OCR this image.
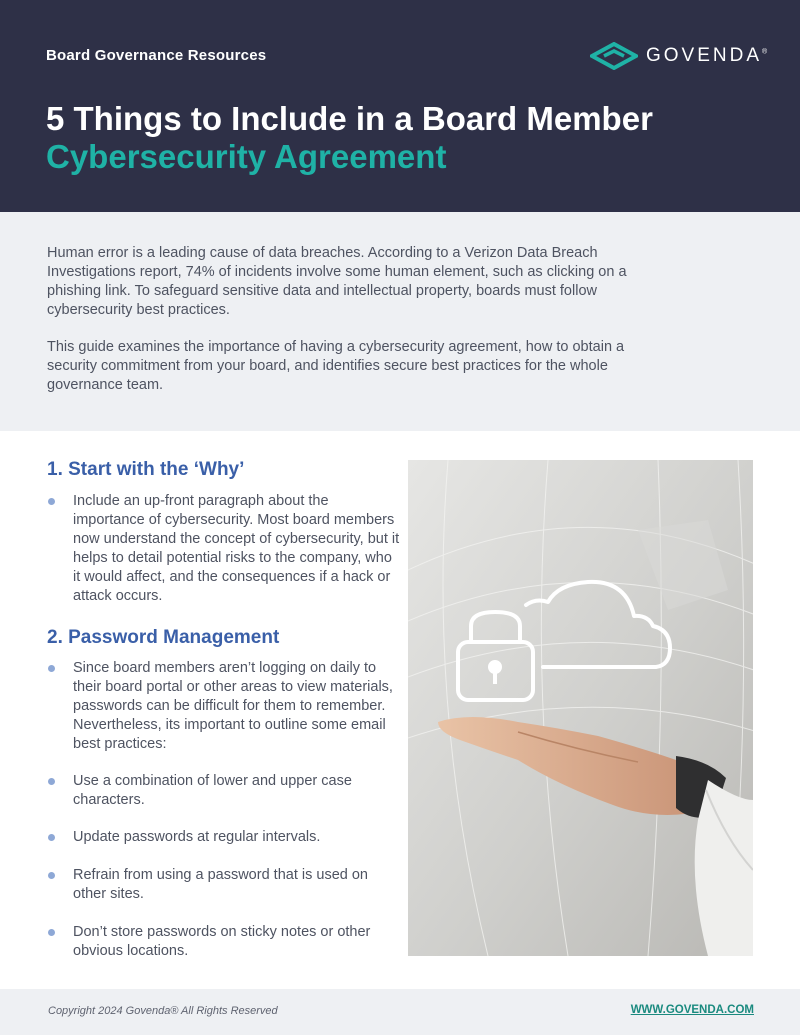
Board Governance Resources	GOVENDA®
5 Things to Include in a Board Member Cybersecurity Agreement

Human error is a leading cause of data breaches. According to a Verizon Data Breach Investigations report, 74% of incidents involve some human element, such as clicking on a phishing link. To safeguard sensitive data and intellectual property, boards must follow cybersecurity best practices.

This guide examines the importance of having a cybersecurity agreement, how to obtain a security commitment from your board, and identifies secure best practices for the whole governance team.

1. Start with the ‘Why’
Include an up-front paragraph about the importance of cybersecurity. Most board members now understand the concept of cybersecurity, but it helps to detail potential risks to the company, who it would affect, and the consequences if a hack or attack occurs.
2. Password Management
Since board members aren’t logging on daily to their board portal or other areas to view materials, passwords can be difficult for them to remember. Nevertheless, its important to outline some email best practices:
Use a combination of lower and upper case characters.
Update passwords at regular intervals.
Refrain from using a password that is used on other sites.
Don’t store passwords on sticky notes or other obvious locations.
Copyright 2024 Govenda® All Rights Reserved	WWW.GOVENDA.COM
